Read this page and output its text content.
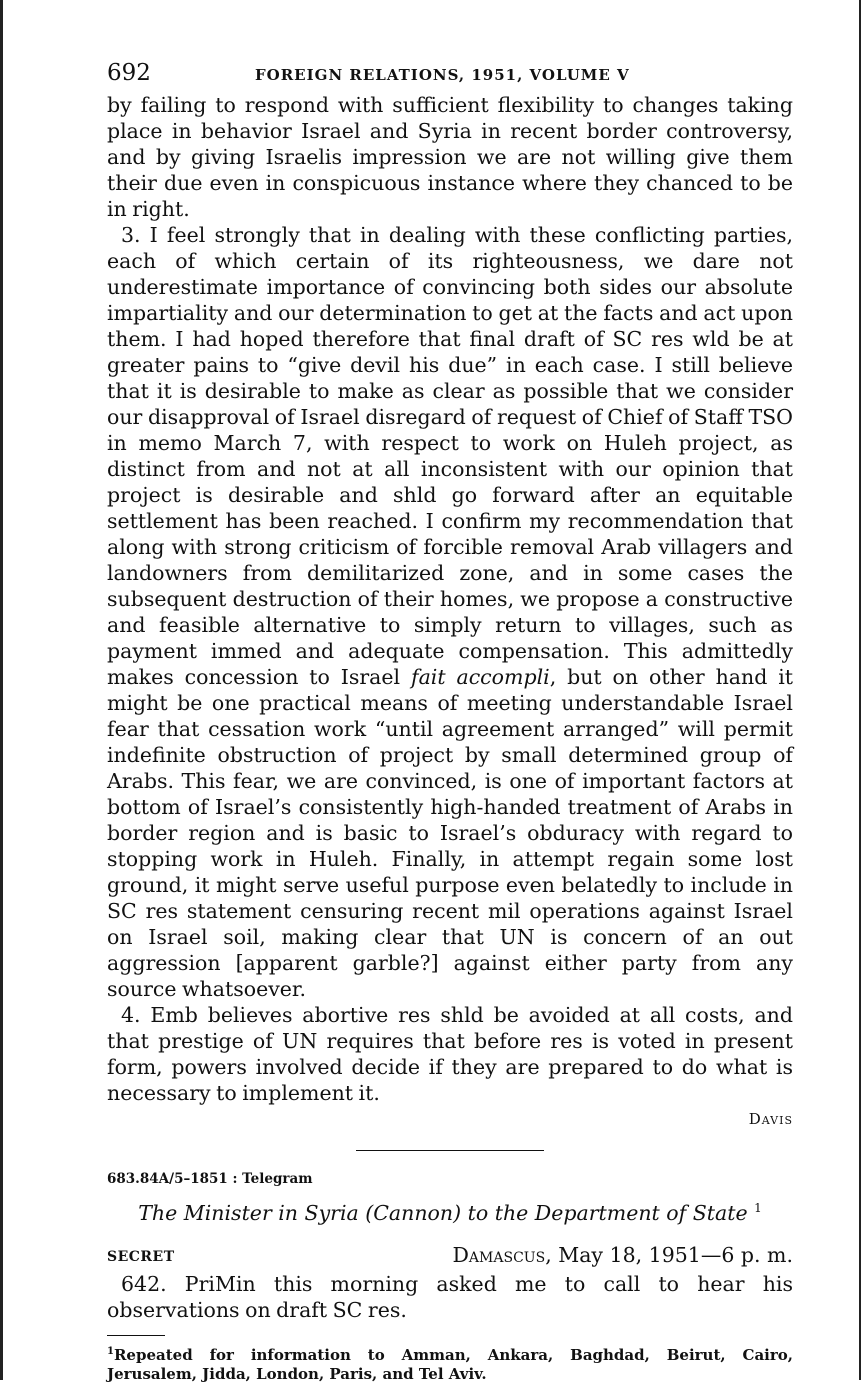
692	FOREIGN RELATIONS, 1951, VOLUME V

by failing to respond with sufficient flexibility to changes taking place in behavior Israel and Syria in recent border controversy, and by giving Israelis impression we are not willing give them their due even in conspicuous instance where they chanced to be in right.

3. I feel strongly that in dealing with these conflicting parties, each of which certain of its righteousness, we dare not underestimate importance of convincing both sides our absolute impartiality and our determination to get at the facts and act upon them. I had hoped therefore that final draft of SC res wld be at greater pains to “give devil his due” in each case. I still believe that it is desirable to make as clear as possible that we consider our disapproval of Israel disregard of request of Chief of Staff TSO in memo March 7, with respect to work on Huleh project, as distinct from and not at all inconsistent with our opinion that project is desirable and shld go forward after an equitable settlement has been reached. I confirm my recommendation that along with strong criticism of forcible removal Arab villagers and landowners from demilitarized zone, and in some cases the subsequent destruction of their homes, we propose a constructive and feasible alternative to simply return to villages, such as payment immed and adequate compensation. This admittedly makes concession to Israel fait accompli, but on other hand it might be one practical means of meeting understandable Israel fear that cessation work “until agreement arranged” will permit indefinite obstruction of project by small determined group of Arabs. This fear, we are convinced, is one of important factors at bottom of Israel’s consistently high-handed treatment of Arabs in border region and is basic to Israel’s obduracy with regard to stopping work in Huleh. Finally, in attempt regain some lost ground, it might serve useful purpose even belatedly to include in SC res statement censuring recent mil operations against Israel on Israel soil, making clear that UN is concern of an out aggression [apparent garble?] against either party from any source whatsoever.

4. Emb believes abortive res shld be avoided at all costs, and that prestige of UN requires that before res is voted in present form, powers involved decide if they are prepared to do what is necessary to implement it.

Davis
683.84A/5–1851 : Telegram
The Minister in Syria (Cannon) to the Department of State $^1$
SECRET	Damascus, May 18, 1951—6 p. m.

642. PriMin this morning asked me to call to hear his observations on draft SC res.

$^1$Repeated for information to Amman, Ankara, Baghdad, Beirut, Cairo, Jerusalem, Jidda, London, Paris, and Tel Aviv.
